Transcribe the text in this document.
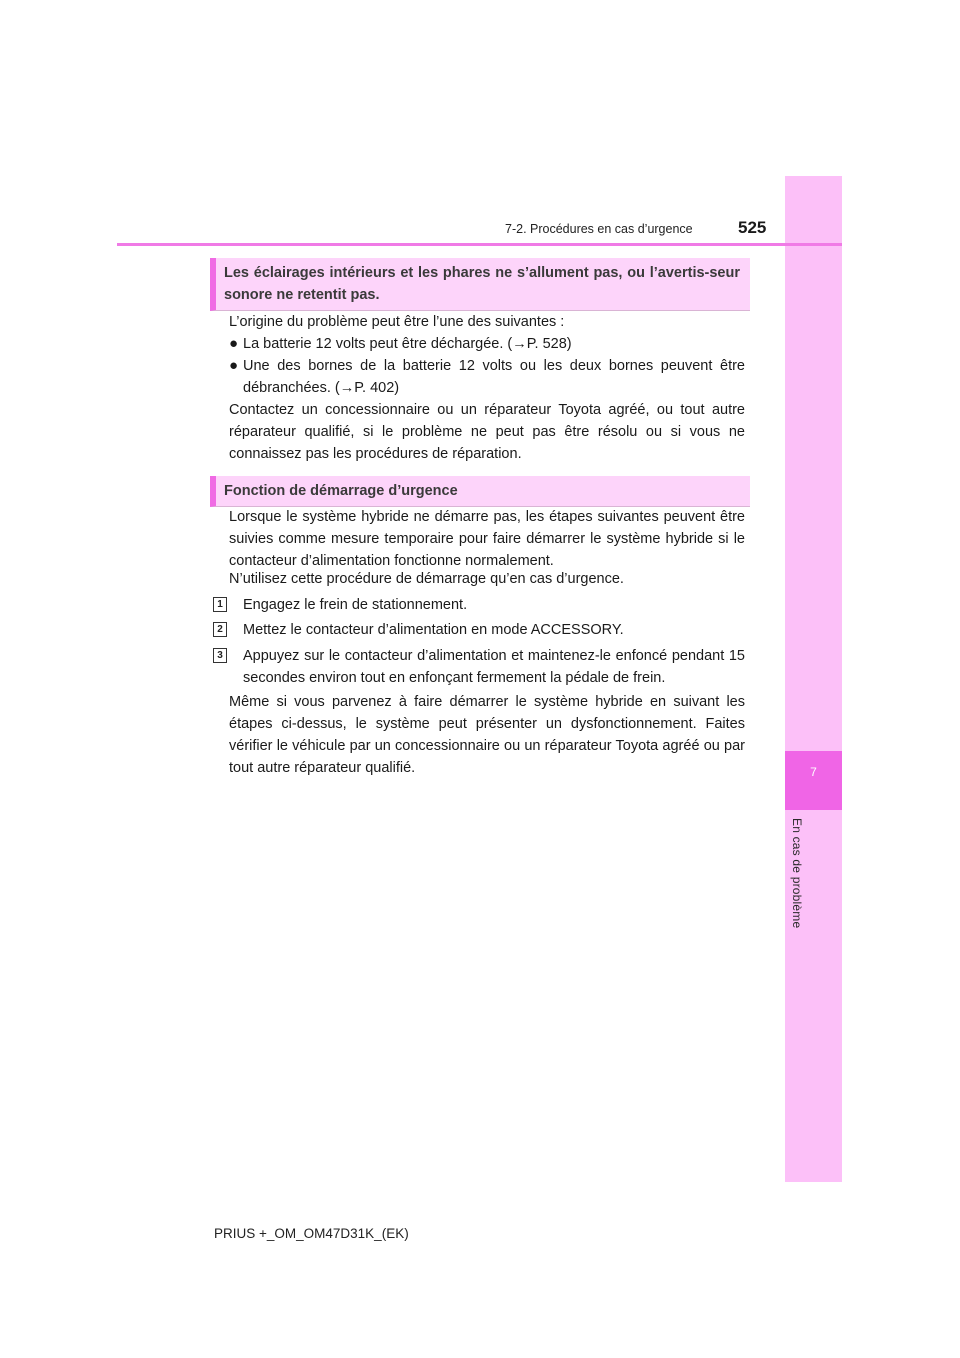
7
En cas de problème
7-2. Procédures en cas d’urgence	525
Les éclairages intérieurs et les phares ne s’allument pas, ou l’avertis-seur sonore ne retentit pas.
L’origine du problème peut être l’une des suivantes :
● La batterie 12 volts peut être déchargée. (→P. 528)
● Une des bornes de la batterie 12 volts ou les deux bornes peuvent être débranchées. (→P. 402)
Contactez un concessionnaire ou un réparateur Toyota agréé, ou tout autre réparateur qualifié, si le problème ne peut pas être résolu ou si vous ne connaissez pas les procédures de réparation.
Fonction de démarrage d’urgence
Lorsque le système hybride ne démarre pas, les étapes suivantes peuvent être suivies comme mesure temporaire pour faire démarrer le système hybride si le contacteur d’alimentation fonctionne normalement.
N’utilisez cette procédure de démarrage qu’en cas d’urgence.
1 Engagez le frein de stationnement.
2 Mettez le contacteur d’alimentation en mode ACCESSORY.
3 Appuyez sur le contacteur d’alimentation et maintenez-le enfoncé pendant 15 secondes environ tout en enfonçant fermement la pédale de frein.
Même si vous parvenez à faire démarrer le système hybride en suivant les étapes ci-dessus, le système peut présenter un dysfonctionnement. Faites vérifier le véhicule par un concessionnaire ou un réparateur Toyota agréé ou par tout autre réparateur qualifié.
PRIUS +_OM_OM47D31K_(EK)
